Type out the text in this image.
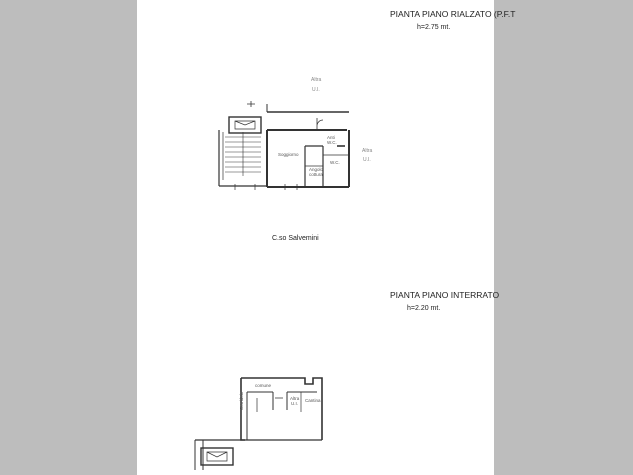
PIANTA PIANO RIALZATO (P.F.T
h=2.75 mt.
Altra
U.I.
Altra
U.I.
Soggiorno
Anti
W.C.
W.C.
Angolo
cottura
C.so Salvemini
PIANTA PIANO INTERRATO
h=2.20 mt.
comune
Corridoio	Altra
U.I.
Cantina
